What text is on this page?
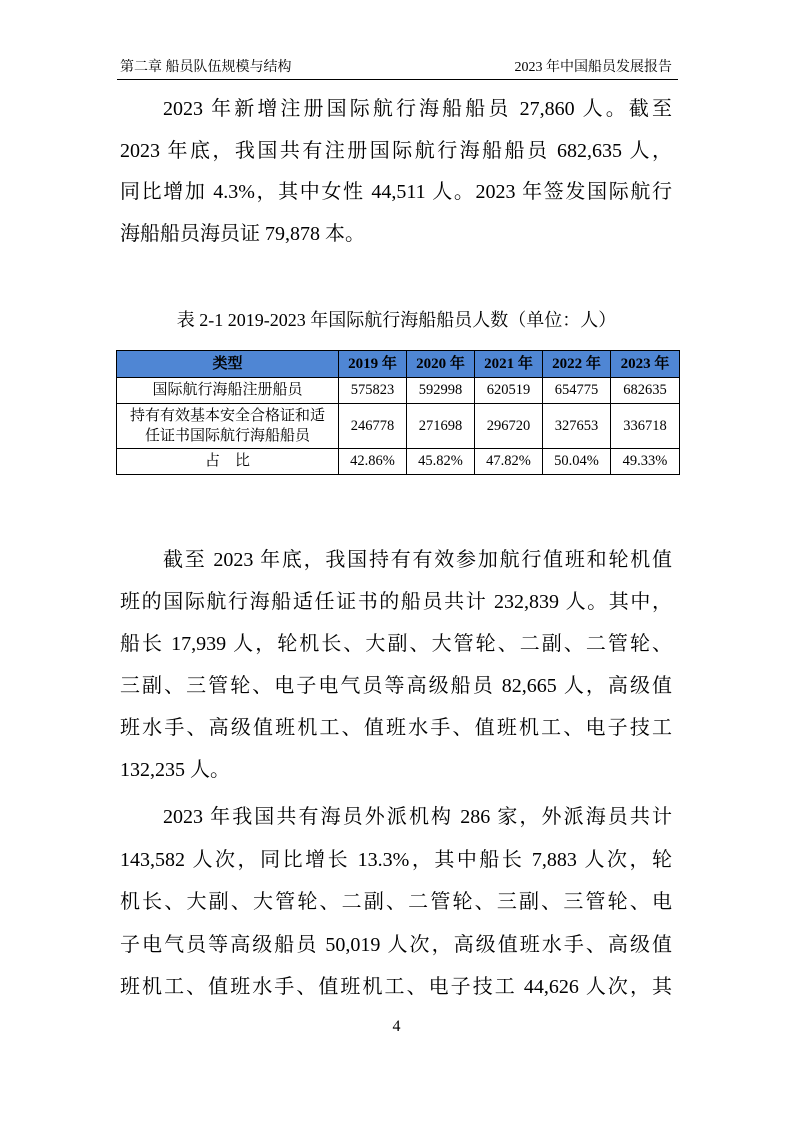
第二章 船员队伍规模与结构	2023 年中国船员发展报告
2023 年新增注册国际航行海船船员 27,860 人。截至
2023 年底，我国共有注册国际航行海船船员 682,635 人，
同比增加 4.3%，其中女性 44,511 人。2023 年签发国际航行
海船船员海员证 79,878 本。
表 2-1 2019-2023 年国际航行海船船员人数（单位：人）
类型	2019 年	2020 年	2021 年	2022 年	2023 年
国际航行海船注册船员	575823	592998	620519	654775	682635
持有有效基本安全合格证和适任证书国际航行海船船员	246778	271698	296720	327653	336718
占　比	42.86%	45.82%	47.82%	50.04%	49.33%
截至 2023 年底，我国持有有效参加航行值班和轮机值
班的国际航行海船适任证书的船员共计 232,839 人。其中，
船长 17,939 人，轮机长、大副、大管轮、二副、二管轮、
三副、三管轮、电子电气员等高级船员 82,665 人，高级值
班水手、高级值班机工、值班水手、值班机工、电子技工
132,235 人。
2023 年我国共有海员外派机构 286 家，外派海员共计
143,582 人次，同比增长 13.3%，其中船长 7,883 人次，轮
机长、大副、大管轮、二副、二管轮、三副、三管轮、电
子电气员等高级船员 50,019 人次，高级值班水手、高级值
班机工、值班水手、值班机工、电子技工 44,626 人次，其
4
